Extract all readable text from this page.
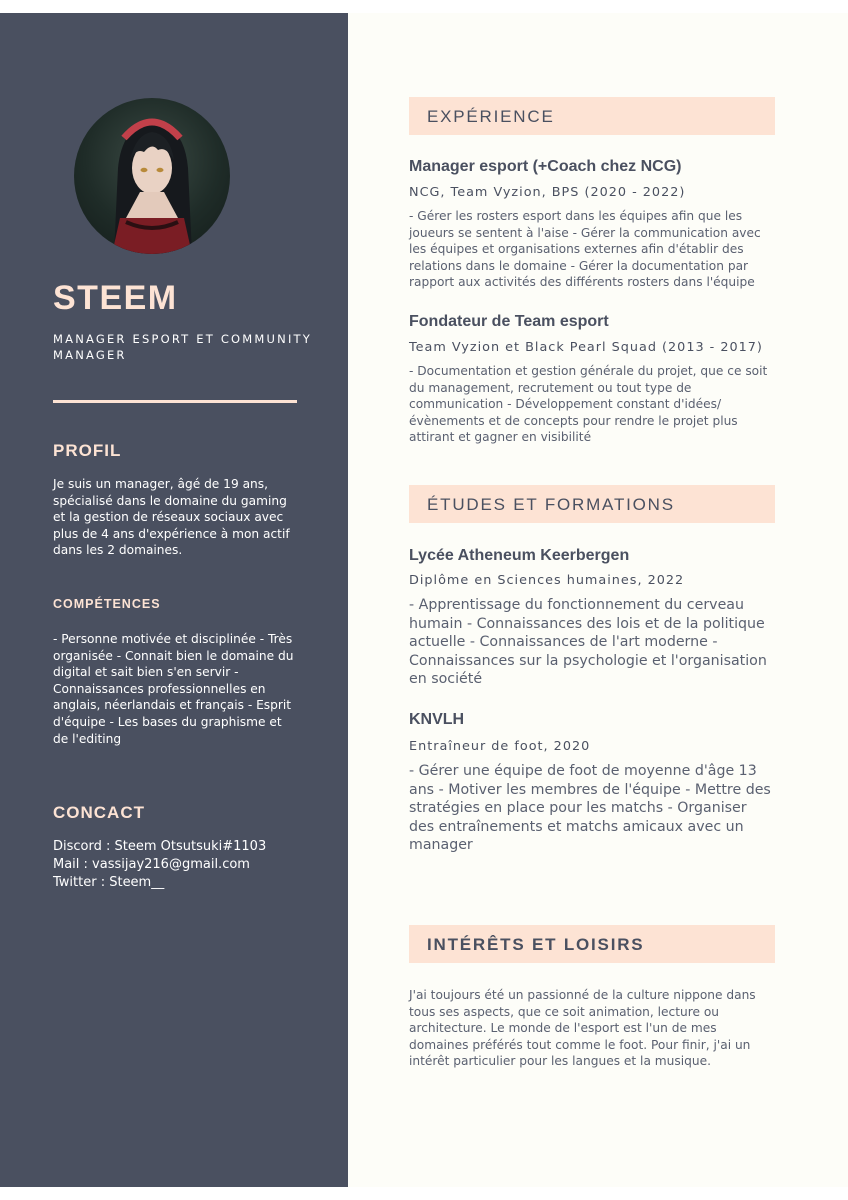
STEEM

MANAGER ESPORT ET COMMUNITY MANAGER

PROFIL

Je suis un manager, âgé de 19 ans, spécialisé dans le domaine du gaming et la gestion de réseaux sociaux avec plus de 4 ans d'expérience à mon actif dans les 2 domaines.

COMPÉTENCES

- Personne motivée et disciplinée - Très organisée - Connait bien le domaine du digital et sait bien s'en servir - Connaissances professionnelles en anglais, néerlandais et français - Esprit d'équipe - Les bases du graphisme et de l'editing

CONCACT

Discord : Steem Otsutsuki#1103

Mail : vassijay216@gmail.com

Twitter : Steem__

EXPÉRIENCE
Manager esport (+Coach chez NCG)

NCG, Team Vyzion, BPS (2020 - 2022)

- Gérer les rosters esport dans les équipes afin que les joueurs se sentent à l'aise - Gérer la communication avec les équipes et organisations externes afin d'établir des relations dans le domaine - Gérer la documentation par rapport aux activités des différents rosters dans l'équipe

Fondateur de Team esport

Team Vyzion et Black Pearl Squad (2013 - 2017)

- Documentation et gestion générale du projet, que ce soit du management, recrutement ou tout type de communication - Développement constant d'idées/évènements et de concepts pour rendre le projet plus attirant et gagner en visibilité

ÉTUDES ET FORMATIONS
Lycée Atheneum Keerbergen

Diplôme en Sciences humaines, 2022

- Apprentissage du fonctionnement du cerveau humain - Connaissances des lois et de la politique actuelle - Connaissances de l'art moderne - Connaissances sur la psychologie et l'organisation en société

KNVLH

Entraîneur de foot, 2020

- Gérer une équipe de foot de moyenne d'âge 13 ans - Motiver les membres de l'équipe - Mettre des stratégies en place pour les matchs - Organiser des entraînements et matchs amicaux avec un manager

INTÉRÊTS ET LOISIRS

J'ai toujours été un passionné de la culture nippone dans tous ses aspects, que ce soit animation, lecture ou architecture. Le monde de l'esport est l'un de mes domaines préférés tout comme le foot. Pour finir, j'ai un intérêt particulier pour les langues et la musique.
